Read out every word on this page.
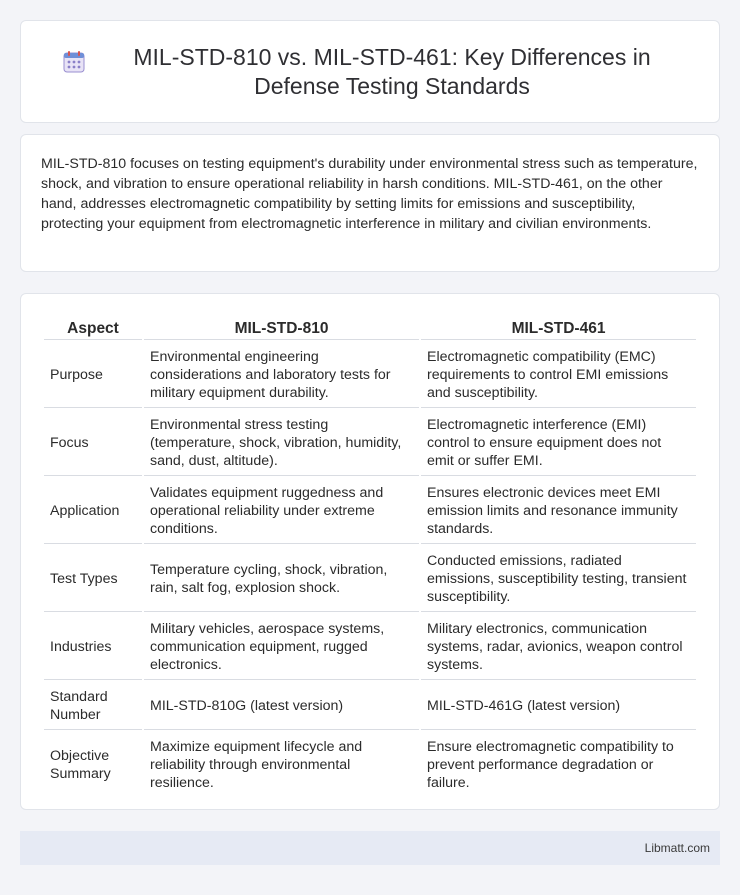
MIL-STD-810 vs. MIL-STD-461: Key Differences in Defense Testing Standards

MIL-STD-810 focuses on testing equipment's durability under environmental stress such as temperature, shock, and vibration to ensure operational reliability in harsh conditions. MIL-STD-461, on the other hand, addresses electromagnetic compatibility by setting limits for emissions and susceptibility, protecting your equipment from electromagnetic interference in military and civilian environments.

Aspect	MIL-STD-810	MIL-STD-461
Purpose	Environmental engineering considerations and laboratory tests for military equipment durability.	Electromagnetic compatibility (EMC) requirements to control EMI emissions and susceptibility.
Focus	Environmental stress testing (temperature, shock, vibration, humidity, sand, dust, altitude).	Electromagnetic interference (EMI) control to ensure equipment does not emit or suffer EMI.
Application	Validates equipment ruggedness and operational reliability under extreme conditions.	Ensures electronic devices meet EMI emission limits and resonance immunity standards.
Test Types	Temperature cycling, shock, vibration, rain, salt fog, explosion shock.	Conducted emissions, radiated emissions, susceptibility testing, transient susceptibility.
Industries	Military vehicles, aerospace systems, communication equipment, rugged electronics.	Military electronics, communication systems, radar, avionics, weapon control systems.
Standard Number	MIL-STD-810G (latest version)	MIL-STD-461G (latest version)
Objective Summary	Maximize equipment lifecycle and reliability through environmental resilience.	Ensure electromagnetic compatibility to prevent performance degradation or failure.
Libmatt.com
